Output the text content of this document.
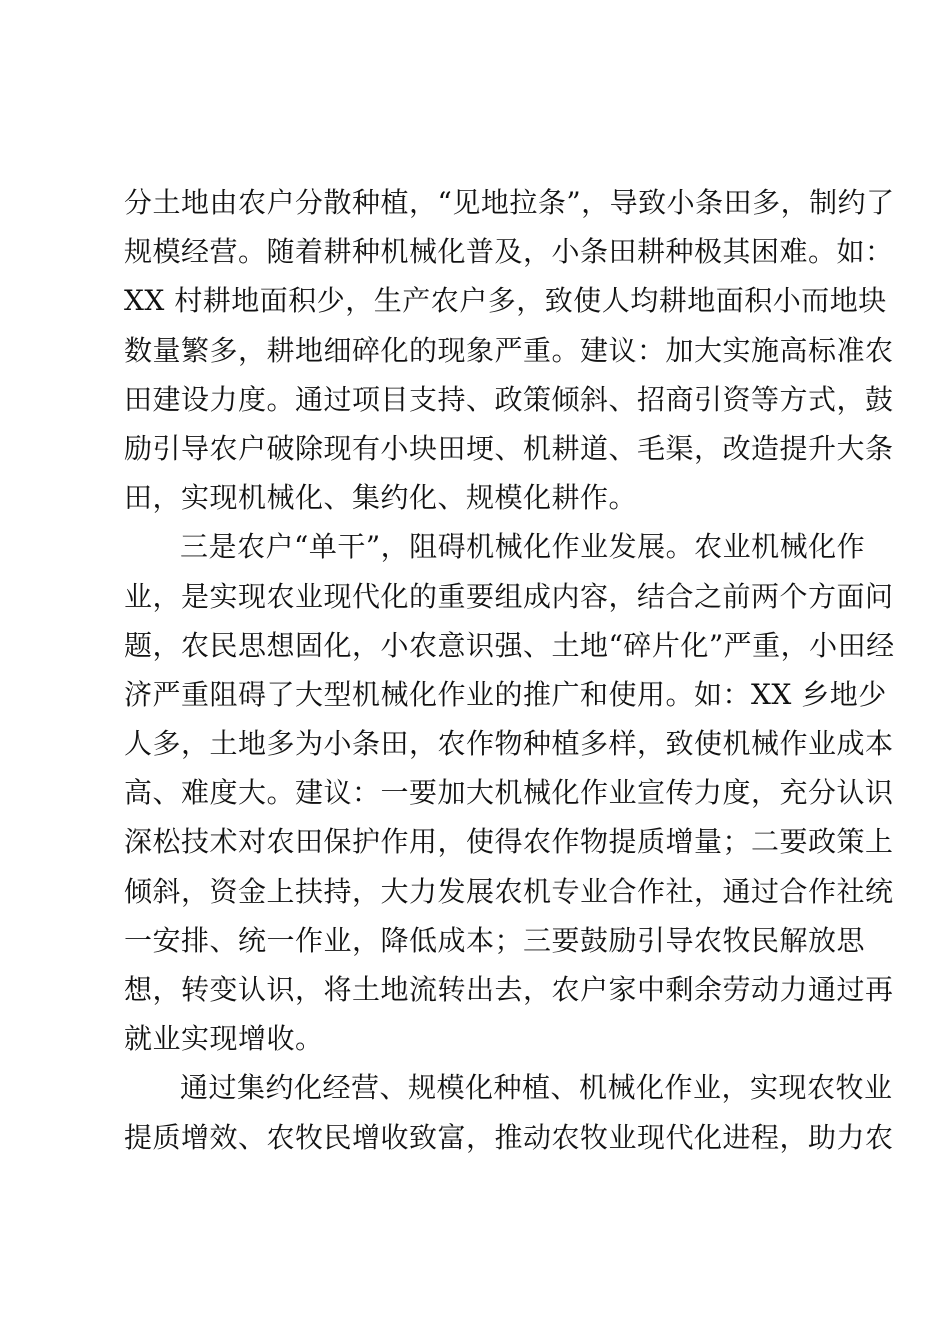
分土地由农户分散种植，“见地拉条”，导致小条田多，制约了
规模经营。随着耕种机械化普及，小条田耕种极其困难。如：
XX 村耕地面积少，生产农户多，致使人均耕地面积小而地块
数量繁多，耕地细碎化的现象严重。建议：加大实施高标准农
田建设力度。通过项目支持、政策倾斜、招商引资等方式，鼓
励引导农户破除现有小块田埂、机耕道、毛渠，改造提升大条
田，实现机械化、集约化、规模化耕作。
三是农户“单干”，阻碍机械化作业发展。农业机械化作
业，是实现农业现代化的重要组成内容，结合之前两个方面问
题，农民思想固化，小农意识强、土地“碎片化”严重，小田经
济严重阻碍了大型机械化作业的推广和使用。如：XX 乡地少
人多，土地多为小条田，农作物种植多样，致使机械作业成本
高、难度大。建议：一要加大机械化作业宣传力度，充分认识
深松技术对农田保护作用，使得农作物提质增量；二要政策上
倾斜，资金上扶持，大力发展农机专业合作社，通过合作社统
一安排、统一作业，降低成本；三要鼓励引导农牧民解放思
想，转变认识，将土地流转出去，农户家中剩余劳动力通过再
就业实现增收。
通过集约化经营、规模化种植、机械化作业，实现农牧业
提质增效、农牧民增收致富，推动农牧业现代化进程，助力农
